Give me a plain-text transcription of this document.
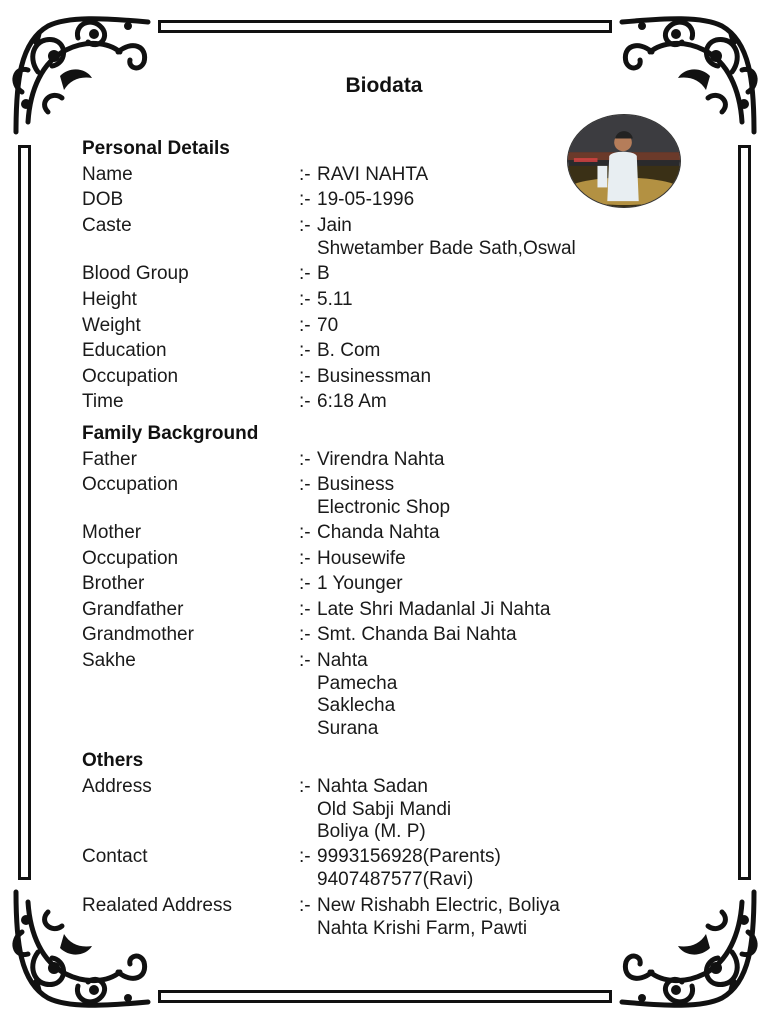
Biodata
Personal Details
Family Background
Others
Name	:- RAVI NAHTA
DOB	:- 19-05-1996
Caste	:- Jain
Shwetamber Bade Sath,Oswal
Blood Group	:- B
Height	:- 5.11
Weight	:- 70
Education	:- B. Com
Occupation	:- Businessman
Time	:- 6:18 Am
Father	:- Virendra Nahta
Occupation	:- Business
Electronic Shop
Mother	:- Chanda Nahta
Occupation	:- Housewife
Brother	:- 1 Younger
Grandfather	:- Late Shri Madanlal Ji Nahta
Grandmother	:- Smt. Chanda Bai Nahta
Sakhe	:- Nahta
Pamecha
Saklecha
Surana
Address	:- Nahta Sadan
Old Sabji Mandi
Boliya (M. P)
Contact	:- 9993156928(Parents)
9407487577(Ravi)
Realated Address	:- New Rishabh Electric, Boliya
Nahta Krishi Farm, Pawti
